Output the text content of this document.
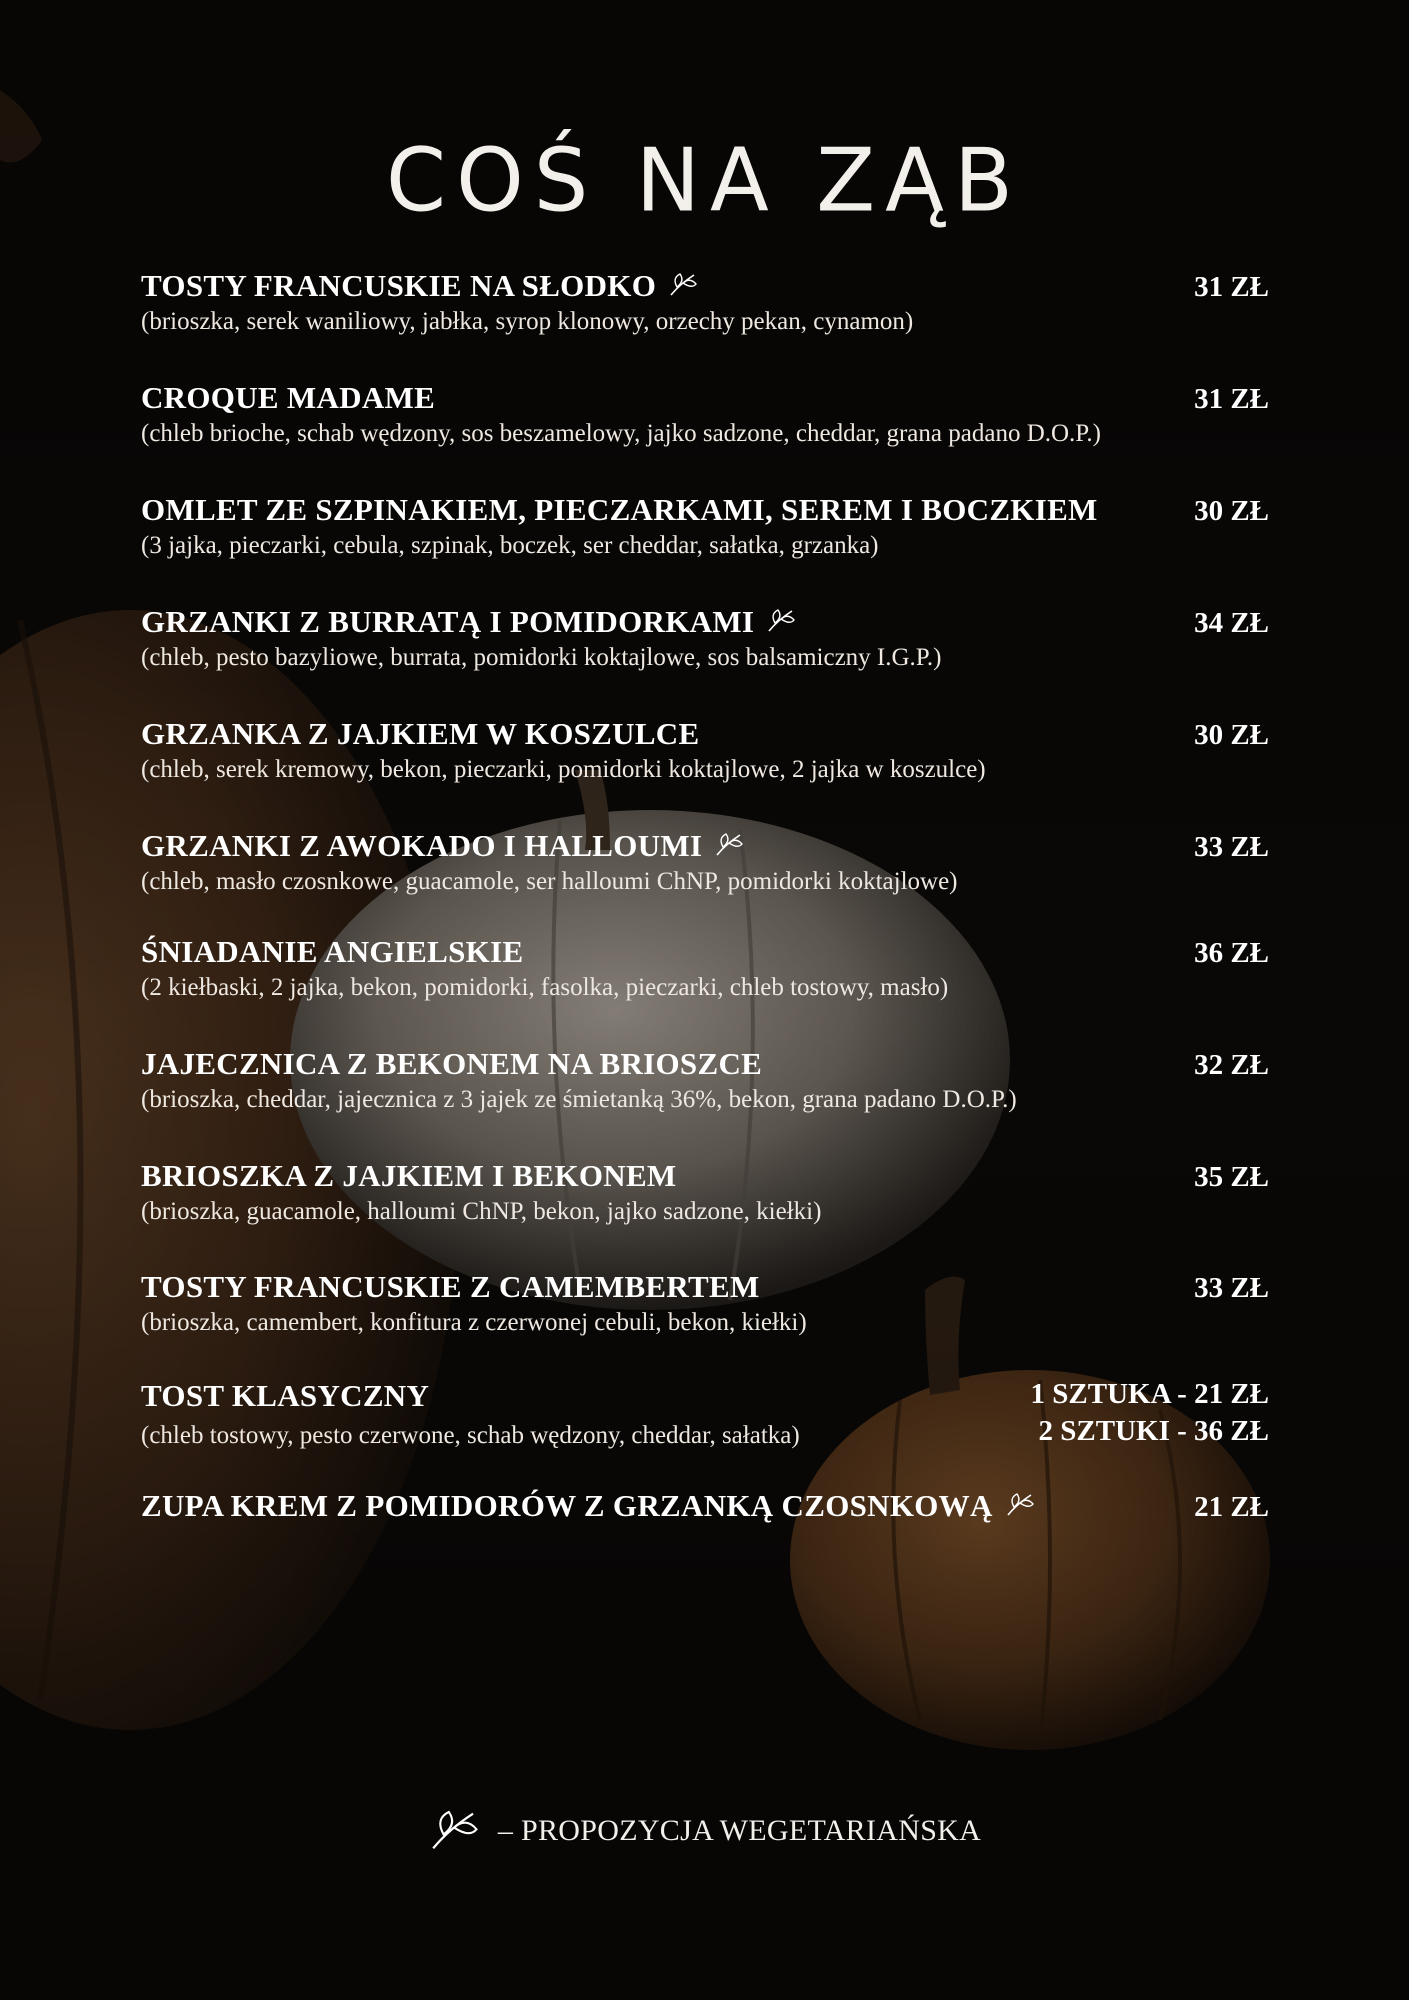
COŚ NA ZĄB
TOSTY FRANCUSKIE NA SŁODKO	31 ZŁ
(brioszka, serek waniliowy, jabłka, syrop klonowy, orzechy pekan, cynamon)
CROQUE MADAME	31 ZŁ
(chleb brioche, schab wędzony, sos beszamelowy, jajko sadzone, cheddar, grana padano D.O.P.)
OMLET ZE SZPINAKIEM, PIECZARKAMI, SEREM I BOCZKIEM	30 ZŁ
(3 jajka, pieczarki, cebula, szpinak, boczek, ser cheddar, sałatka, grzanka)
GRZANKI Z BURRATĄ I POMIDORKAMI	34 ZŁ
(chleb, pesto bazyliowe, burrata, pomidorki koktajlowe, sos balsamiczny I.G.P.)
GRZANKA Z JAJKIEM W KOSZULCE	30 ZŁ
(chleb, serek kremowy, bekon, pieczarki, pomidorki koktajlowe, 2 jajka w koszulce)
GRZANKI Z AWOKADO I HALLOUMI	33 ZŁ
(chleb, masło czosnkowe, guacamole, ser halloumi ChNP, pomidorki koktajlowe)
ŚNIADANIE ANGIELSKIE	36 ZŁ
(2 kiełbaski, 2 jajka, bekon, pomidorki, fasolka, pieczarki, chleb tostowy, masło)
JAJECZNICA Z BEKONEM NA BRIOSZCE	32 ZŁ
(brioszka, cheddar, jajecznica z 3 jajek ze śmietanką 36%, bekon, grana padano D.O.P.)
BRIOSZKA Z JAJKIEM I BEKONEM	35 ZŁ
(brioszka, guacamole, halloumi ChNP, bekon, jajko sadzone, kiełki)
TOSTY FRANCUSKIE Z CAMEMBERTEM	33 ZŁ
(brioszka, camembert, konfitura z czerwonej cebuli, bekon, kiełki)
TOST KLASYCZNY
(chleb tostowy, pesto czerwone, schab wędzony, cheddar, sałatka)
1 SZTUKA - 21 ZŁ
2 SZTUKI - 36 ZŁ
ZUPA KREM Z POMIDORÓW Z GRZANKĄ CZOSNKOWĄ	21 ZŁ
– PROPOZYCJA WEGETARIAŃSKA
